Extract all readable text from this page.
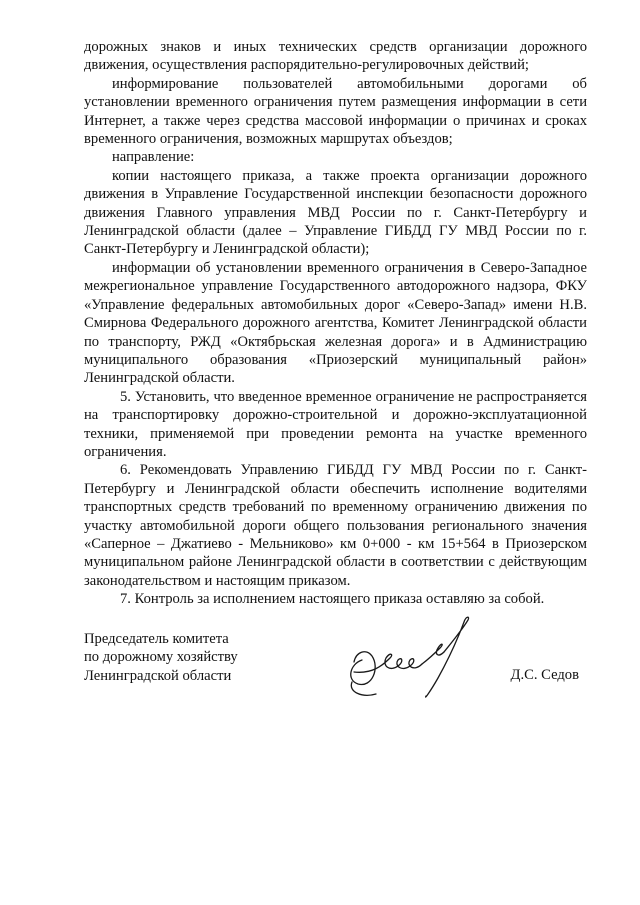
дорожных знаков и иных технических средств организации дорожного движения, осуществления распорядительно-регулировочных действий;

информирование пользователей автомобильными дорогами об установлении временного ограничения путем размещения информации в сети Интернет, а также через средства массовой информации о причинах и сроках временного ограничения, возможных маршрутах объездов;

направление:

копии настоящего приказа, а также проекта организации дорожного движения в Управление Государственной инспекции безопасности дорожного движения Главного управления МВД России по г. Санкт-Петербургу и Ленинградской области (далее – Управление ГИБДД ГУ МВД России по г. Санкт-Петербургу и Ленинградской области);

информации об установлении временного ограничения в Северо-Западное межрегиональное управление Государственного автодорожного надзора, ФКУ «Управление федеральных автомобильных дорог «Северо-Запад» имени Н.В. Смирнова Федерального дорожного агентства, Комитет Ленинградской области по транспорту, РЖД «Октябрьская железная дорога» и в Администрацию муниципального образования «Приозерский муниципальный район» Ленинградской области.

5. Установить, что введенное временное ограничение не распространяется на транспортировку дорожно-строительной и дорожно-эксплуатационной техники, применяемой при проведении ремонта на участке временного ограничения.

6. Рекомендовать Управлению ГИБДД ГУ МВД России по г. Санкт-Петербургу и Ленинградской области обеспечить исполнение водителями транспортных средств требований по временному ограничению движения по участку автомобильной дороги общего пользования регионального значения «Саперное – Джатиево - Мельниково» км 0+000 - км 15+564 в Приозерском муниципальном районе Ленинградской области в соответствии с действующим законодательством и настоящим приказом.

7. Контроль за исполнением настоящего приказа оставляю за собой.

Председатель комитета
по дорожному хозяйству
Ленинградской области	Д.С. Седов
